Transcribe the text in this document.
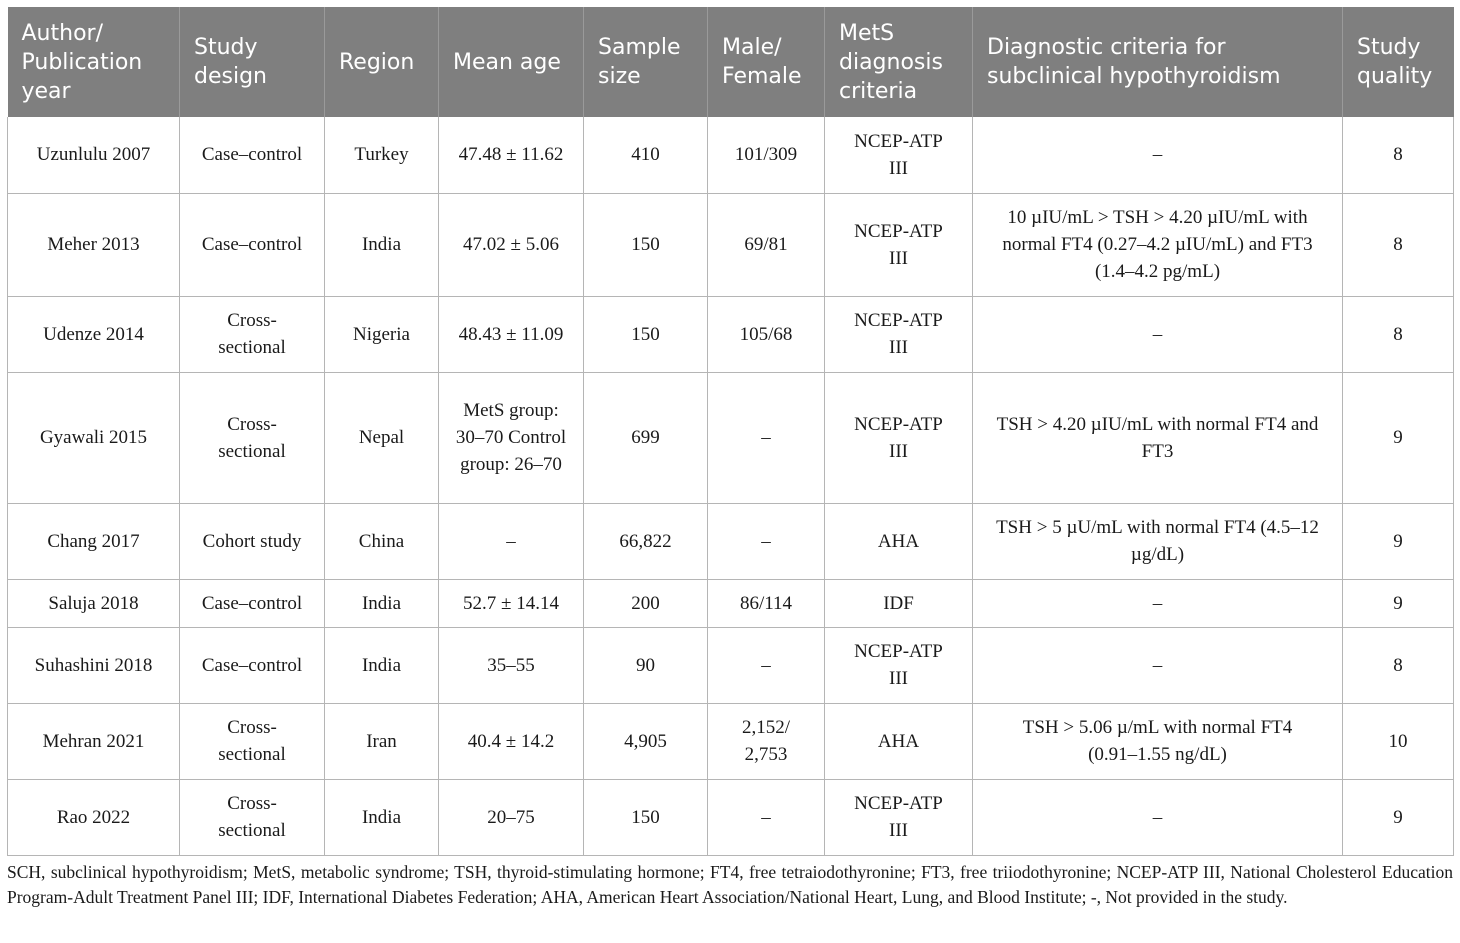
Author/ Publication year	Study design	Region	Mean age	Sample size	Male/ Female	MetS diagnosis criteria	Diagnostic criteria for subclinical hypothyroidism	Study quality
Uzunlulu 2007	Case–control	Turkey	47.48 ± 11.62	410	101/309	NCEP-ATP III	–	8
Meher 2013	Case–control	India	47.02 ± 5.06	150	69/81	NCEP-ATP III	10 µIU/mL > TSH > 4.20 µIU/mL with normal FT4 (0.27–4.2 µIU/mL) and FT3 (1.4–4.2 pg/mL)	8
Udenze 2014	Cross-sectional	Nigeria	48.43 ± 11.09	150	105/68	NCEP-ATP III	–	8
Gyawali 2015	Cross-sectional	Nepal	MetS group: 30–70 Control group: 26–70	699	–	NCEP-ATP III	TSH > 4.20 µIU/mL with normal FT4 and FT3	9
Chang 2017	Cohort study	China	–	66,822	–	AHA	TSH > 5 µU/mL with normal FT4 (4.5–12 µg/dL)	9
Saluja 2018	Case–control	India	52.7 ± 14.14	200	86/114	IDF	–	9
Suhashini 2018	Case–control	India	35–55	90	–	NCEP-ATP III	–	8
Mehran 2021	Cross-sectional	Iran	40.4 ± 14.2	4,905	2,152/ 2,753	AHA	TSH > 5.06 µ/mL with normal FT4 (0.91–1.55 ng/dL)	10
Rao 2022	Cross-sectional	India	20–75	150	–	NCEP-ATP III	–	9
SCH, subclinical hypothyroidism; MetS, metabolic syndrome; TSH, thyroid-stimulating hormone; FT4, free tetraiodothyronine; FT3, free triiodothyronine; NCEP-ATP III, National Cholesterol Education Program-Adult Treatment Panel III; IDF, International Diabetes Federation; AHA, American Heart Association/National Heart, Lung, and Blood Institute; -, Not provided in the study.
